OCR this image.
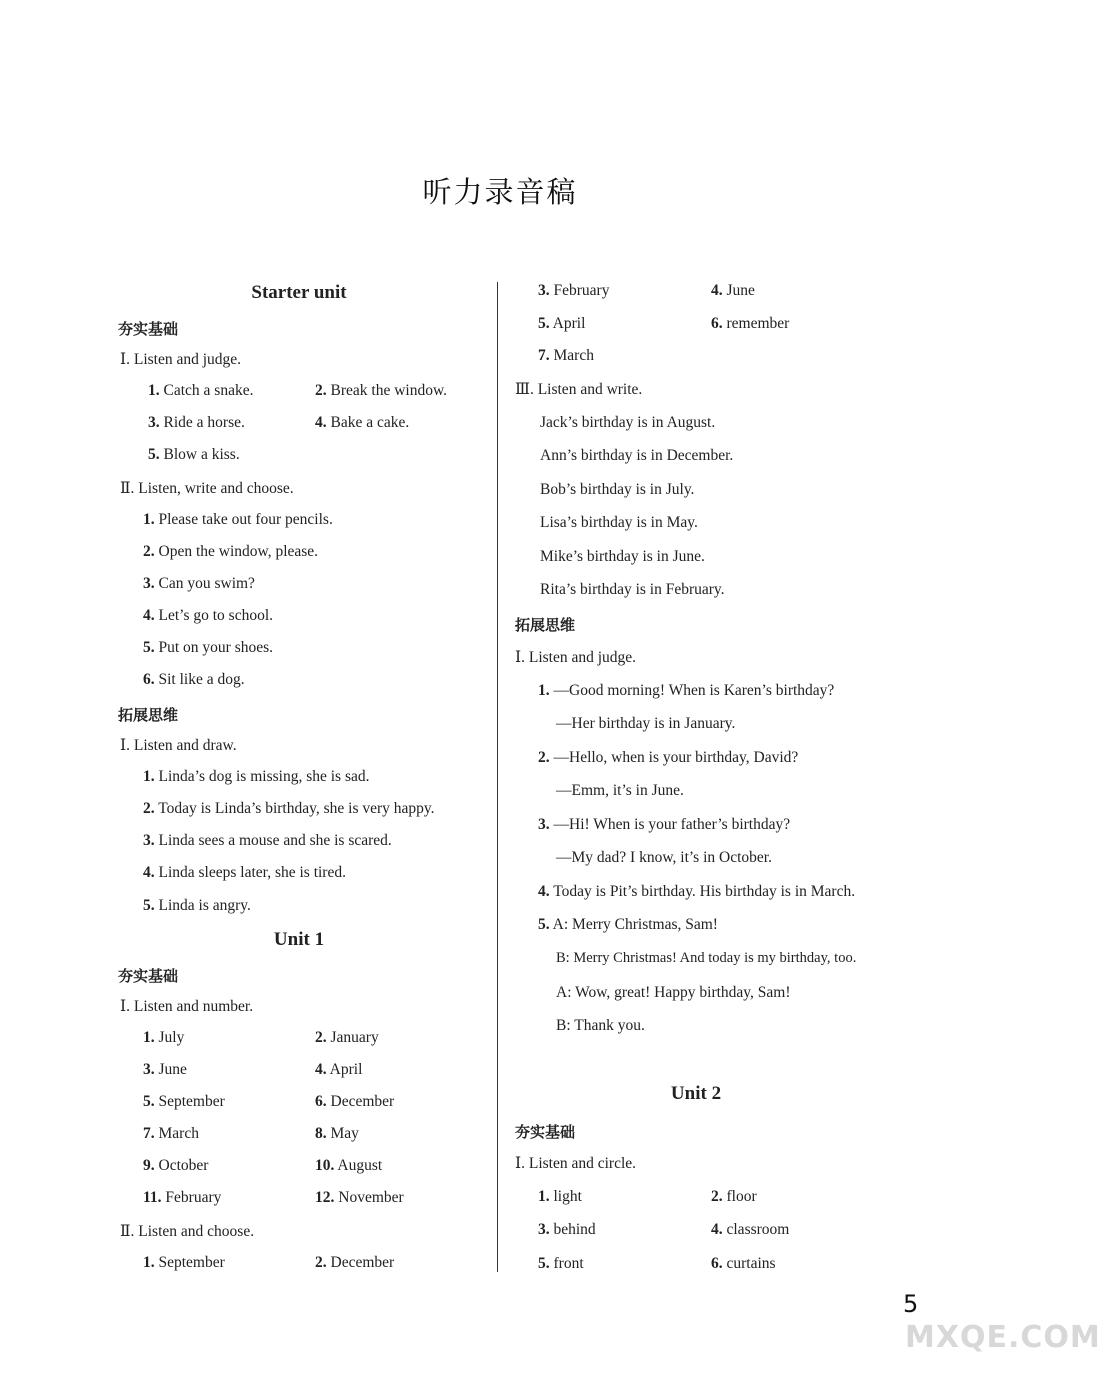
听力录音稿
Starter unit
夯实基础
Ⅰ. Listen and judge.
1. Catch a snake.	2. Break the window.
3. Ride a horse.	4. Bake a cake.
5. Blow a kiss.
Ⅱ. Listen, write and choose.
1. Please take out four pencils.
2. Open the window, please.
3. Can you swim?
4. Let’s go to school.
5. Put on your shoes.
6. Sit like a dog.
拓展思维
Ⅰ. Listen and draw.
1. Linda’s dog is missing, she is sad.
2. Today is Linda’s birthday, she is very happy.
3. Linda sees a mouse and she is scared.
4. Linda sleeps later, she is tired.
5. Linda is angry.
Unit 1
夯实基础
Ⅰ. Listen and number.
1. July	2. January
3. June	4. April
5. September	6. December
7. March	8. May
9. October	10. August
11. February	12. November
Ⅱ. Listen and choose.
1. September	2. December
3. February	4. June
5. April	6. remember
7. March
Ⅲ. Listen and write.
Jack’s birthday is in August.
Ann’s birthday is in December.
Bob’s birthday is in July.
Lisa’s birthday is in May.
Mike’s birthday is in June.
Rita’s birthday is in February.
拓展思维
Ⅰ. Listen and judge.
1. —Good morning! When is Karen’s birthday?
—Her birthday is in January.
2. —Hello, when is your birthday, David?
—Emm, it’s in June.
3. —Hi! When is your father’s birthday?
—My dad? I know, it’s in October.
4. Today is Pit’s birthday. His birthday is in March.
5. A: Merry Christmas, Sam!
B: Merry Christmas! And today is my birthday, too.
A: Wow, great! Happy birthday, Sam!
B: Thank you.
Unit 2
夯实基础
Ⅰ. Listen and circle.
1. light	2. floor
3. behind	4. classroom
5. front	6. curtains
MXQE.COM
5
